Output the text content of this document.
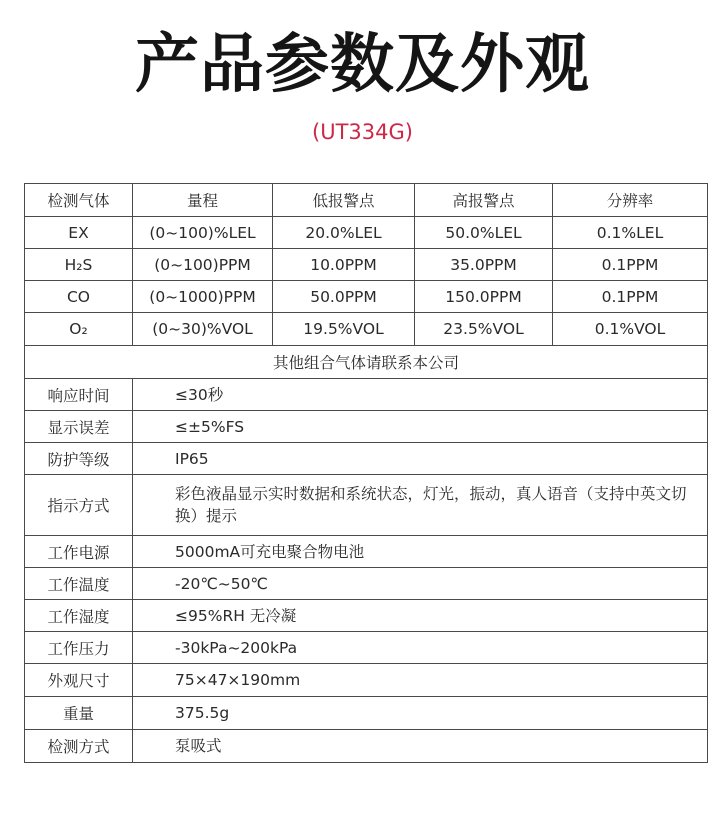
产品参数及外观
(UT334G)
检测气体	量程	低报警点	高报警点	分辨率
EX	(0~100)%LEL	20.0%LEL	50.0%LEL	0.1%LEL
H₂S	(0~100)PPM	10.0PPM	35.0PPM	0.1PPM
CO	(0~1000)PPM	50.0PPM	150.0PPM	0.1PPM
O₂	(0~30)%VOL	19.5%VOL	23.5%VOL	0.1%VOL
其他组合气体请联系本公司				
响应时间	≤30秒			
显示误差	≤±5%FS			
防护等级	IP65			
指示方式	彩色液晶显示实时数据和系统状态，灯光，振动，真人语音（支持中英文切换）提示			
工作电源	5000mA可充电聚合物电池			
工作温度	-20℃~50℃			
工作湿度	≤95%RH 无冷凝			
工作压力	-30kPa~200kPa			
外观尺寸	75×47×190mm			
重量	375.5g			
检测方式	泵吸式			
